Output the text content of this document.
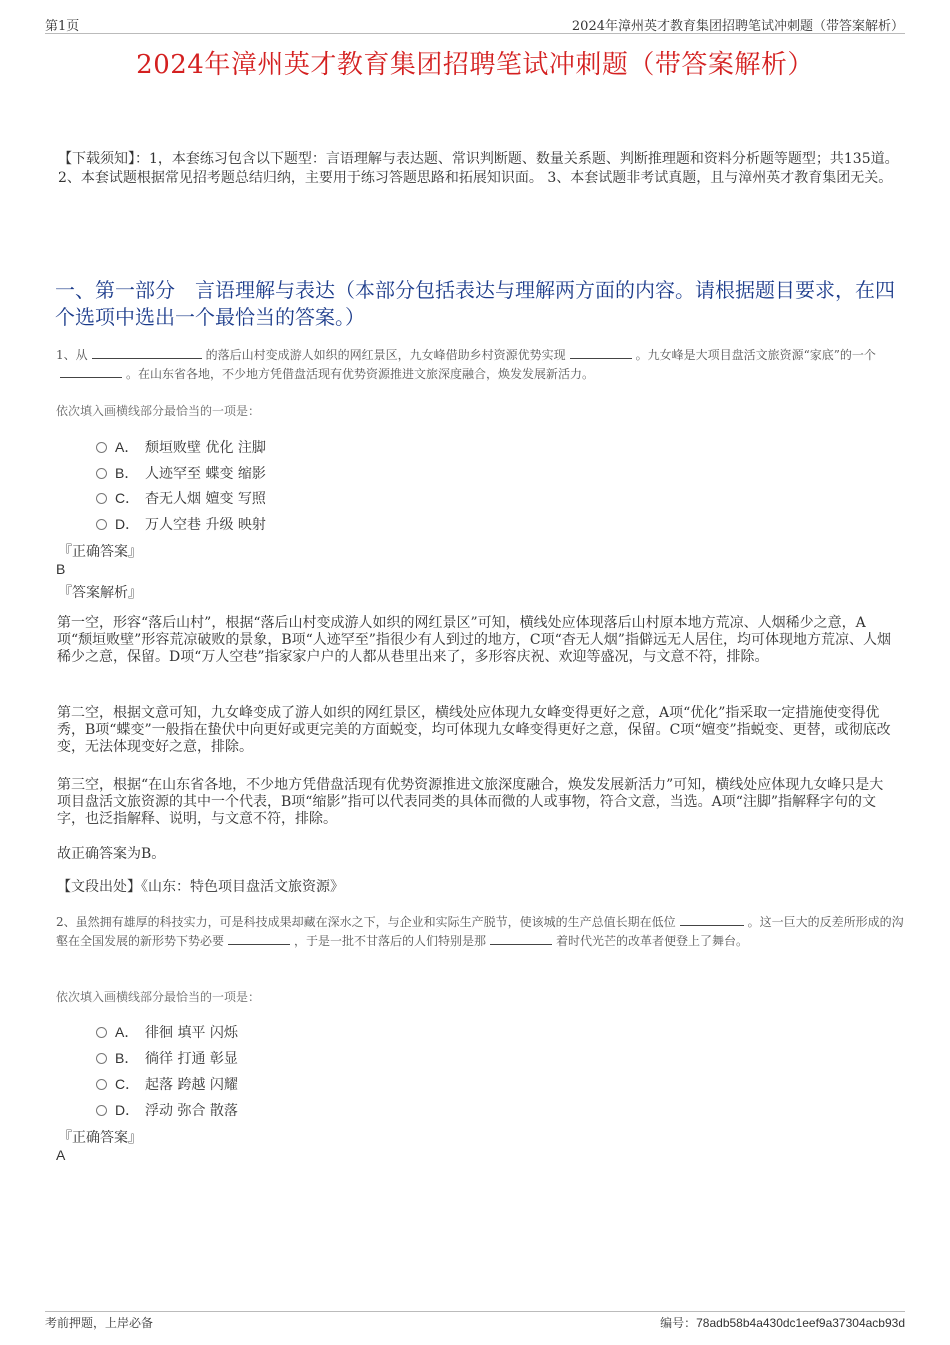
第1页	2024年漳州英才教育集团招聘笔试冲刺题（带答案解析）
2024年漳州英才教育集团招聘笔试冲刺题（带答案解析）
【下载须知】：1，本套练习包含以下题型：言语理解与表达题、常识判断题、数量关系题、判断推理题和资料分析题等题型；共135道。 2、本套试题根据常见招考题总结归纳，主要用于练习答题思路和拓展知识面。 3、本套试题非考试真题，且与漳州英才教育集团无关。
一、第一部分　言语理解与表达（本部分包括表达与理解两方面的内容。请根据题目要求，在四个选项中选出一个最恰当的答案。）
1、从	的落后山村变成游人如织的网红景区，九女峰借助乡村资源优势实现	。九女峰是大项目盘活文旅资源“家底”的一个。在山东省各地，不少地方凭借盘活现有优势资源推进文旅深度融合，焕发发展新活力。
依次填入画横线部分最恰当的一项是：
A． 颓垣败壁 优化 注脚
B． 人迹罕至 蝶变 缩影
C． 杳无人烟 嬗变 写照
D． 万人空巷 升级 映射
『正确答案』
B
『答案解析』
第一空，形容“落后山村”，根据“落后山村变成游人如织的网红景区”可知，横线处应体现落后山村原本地方荒凉、人烟稀少之意，A项“颓垣败壁”形容荒凉破败的景象，B项“人迹罕至”指很少有人到过的地方，C项“杳无人烟”指僻远无人居住，均可体现地方荒凉、人烟稀少之意，保留。D项“万人空巷”指家家户户的人都从巷里出来了，多形容庆祝、欢迎等盛况，与文意不符，排除。
第二空，根据文意可知，九女峰变成了游人如织的网红景区，横线处应体现九女峰变得更好之意，A项“优化”指采取一定措施使变得优秀，B项“蝶变”一般指在蛰伏中向更好或更完美的方面蜕变，均可体现九女峰变得更好之意，保留。C项“嬗变”指蜕变、更替，或彻底改变，无法体现变好之意，排除。
第三空，根据“在山东省各地，不少地方凭借盘活现有优势资源推进文旅深度融合，焕发发展新活力”可知，横线处应体现九女峰只是大项目盘活文旅资源的其中一个代表，B项“缩影”指可以代表同类的具体而微的人或事物，符合文意，当选。A项“注脚”指解释字句的文字，也泛指解释、说明，与文意不符，排除。
故正确答案为B。
【文段出处】《山东：特色项目盘活文旅资源》
2、虽然拥有雄厚的科技实力，可是科技成果却藏在深水之下，与企业和实际生产脱节，使该城的生产总值长期在低位	。这一巨大的反差所形成的沟壑在全国发展的新形势下势必要	，于是一批不甘落后的人们特别是那	着时代光芒的改革者便登上了舞台。
依次填入画横线部分最恰当的一项是：
A． 徘徊 填平 闪烁
B． 徜徉 打通 彰显
C． 起落 跨越 闪耀
D． 浮动 弥合 散落
『正确答案』
A
考前押题，上岸必备	编号：78adb58b4a430dc1eef9a37304acb93d
